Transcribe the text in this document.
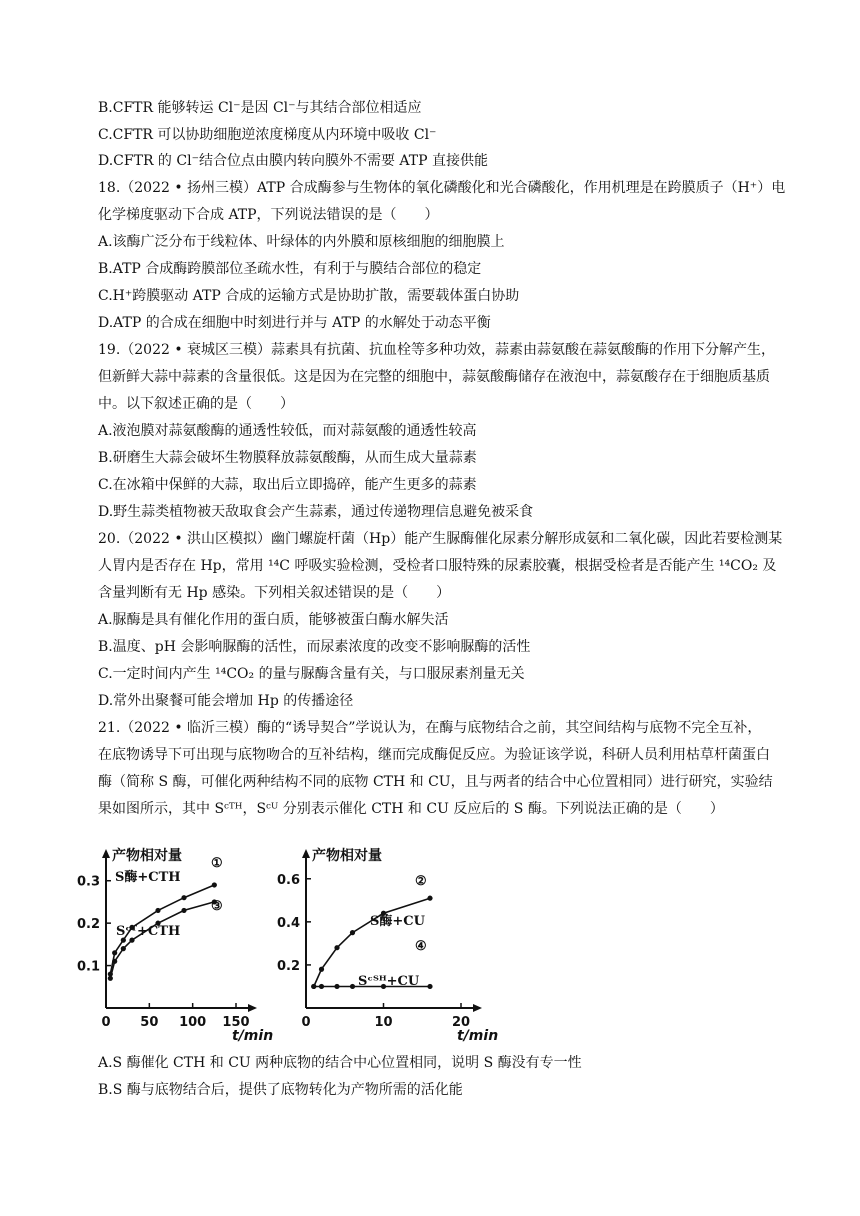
B.CFTR 能够转运 Cl⁻是因 Cl⁻与其结合部位相适应
C.CFTR 可以协助细胞逆浓度梯度从内环境中吸收 Cl⁻
D.CFTR 的 Cl⁻结合位点由膜内转向膜外不需要 ATP 直接供能
18.（2022 • 扬州三模）ATP 合成酶参与生物体的氧化磷酸化和光合磷酸化，作用机理是在跨膜质子（H⁺）电
化学梯度驱动下合成 ATP，下列说法错误的是（　　）
A.该酶广泛分布于线粒体、叶绿体的内外膜和原核细胞的细胞膜上
B.ATP 合成酶跨膜部位圣疏水性，有利于与膜结合部位的稳定
C.H⁺跨膜驱动 ATP 合成的运输方式是协助扩散，需要载体蛋白协助
D.ATP 的合成在细胞中时刻进行并与 ATP 的水解处于动态平衡
19.（2022 • 衰城区三模）蒜素具有抗菌、抗血栓等多种功效，蒜素由蒜氨酸在蒜氨酸酶的作用下分解产生，
但新鲜大蒜中蒜素的含量很低。这是因为在完整的细胞中，蒜氨酸酶储存在液泡中，蒜氨酸存在于细胞质基质
中。以下叙述正确的是（　　）
A.液泡膜对蒜氨酸酶的通透性较低，而对蒜氨酸的通透性较高
B.研磨生大蒜会破坏生物膜释放蒜氨酸酶，从而生成大量蒜素
C.在冰箱中保鲜的大蒜，取出后立即捣碎，能产生更多的蒜素
D.野生蒜类植物被天敌取食会产生蒜素，通过传递物理信息避免被采食
20.（2022 • 洪山区模拟）幽门螺旋杆菌（Hp）能产生脲酶催化尿素分解形成氨和二氧化碳，因此若要检测某
人胃内是否存在 Hp，常用 ¹⁴C 呼吸实验检测，受检者口服特殊的尿素胶囊，根据受检者是否能产生 ¹⁴CO₂ 及
含量判断有无 Hp 感染。下列相关叙述错误的是（　　）
A.脲酶是具有催化作用的蛋白质，能够被蛋白酶水解失活
B.温度、pH 会影响脲酶的活性，而尿素浓度的改变不影响脲酶的活性
C.一定时间内产生 ¹⁴CO₂ 的量与脲酶含量有关，与口服尿素剂量无关
D.常外出聚餐可能会增加 Hp 的传播途径
21.（2022 • 临沂三模）酶的“诱导契合”学说认为，在酶与底物结合之前，其空间结构与底物不完全互补，
在底物诱导下可出现与底物吻合的互补结构，继而完成酶促反应。为验证该学说，科研人员利用枯草杆菌蛋白
酶（简称 S 酶，可催化两种结构不同的底物 CTH 和 CU，且与两者的结合中心位置相同）进行研究，实验结
果如图所示，其中 Sᶜᵀᴴ，Sᶜᵁ 分别表示催化 CTH 和 CU 反应后的 S 酶。下列说法正确的是（　　）
产物相对量
t/min
0 50 100 150
0.1
0.2
0.3 S酶+CTH
①
Sᶜᵁ+CTH
③
产物相对量
t/min
0	10	20
0.2
0.4
0.6
S酶+CU
②
Sᶜᵀᴴ+CU
④
A.S 酶催化 CTH 和 CU 两种底物的结合中心位置相同，说明 S 酶没有专一性
B.S 酶与底物结合后，提供了底物转化为产物所需的活化能
